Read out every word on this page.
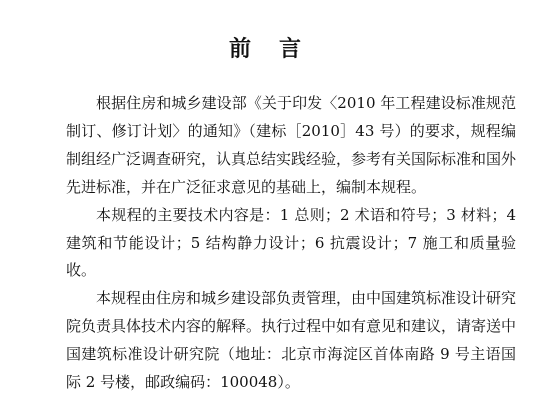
前言

根据住房和城乡建设部《关于印发〈2010 年工程建设标准规范制订、修订计划〉的通知》（建标［2010］43 号）的要求，规程编制组经广泛调查研究，认真总结实践经验，参考有关国际标准和国外先进标准，并在广泛征求意见的基础上，编制本规程。

本规程的主要技术内容是：1 总则；2 术语和符号；3 材料；4 建筑和节能设计；5 结构静力设计；6 抗震设计；7 施工和质量验收。

本规程由住房和城乡建设部负责管理，由中国建筑标准设计研究院负责具体技术内容的解释。执行过程中如有意见和建议，请寄送中国建筑标准设计研究院（地址：北京市海淀区首体南路 9 号主语国际 2 号楼，邮政编码：100048）。
